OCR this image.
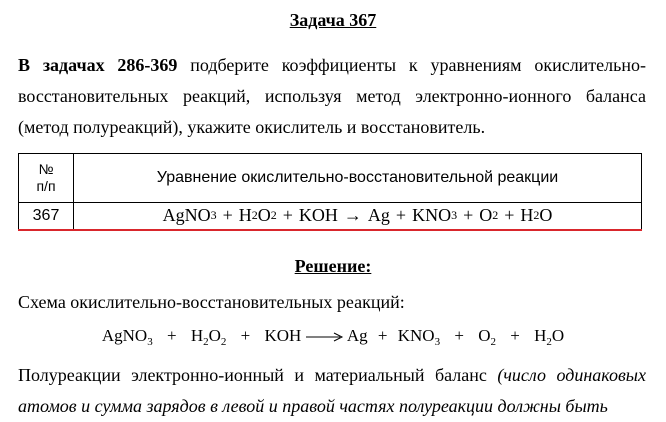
Задача 367
В задачах 286-369 подберите коэффициенты к уравнениям окислительно-восстановительных реакций, используя метод электронно-ионного баланса (метод полуреакций), укажите окислитель и восстановитель.
№
п/п	Уравнение окислительно-восстановительной реакции
367	AgNO 3 + H 2 O 2 + KOH → Ag + KNO 3 + O 2 + H 2 O
Решение:
Схема окислительно-восстановительных реакций:
AgNO$_3$ + $H_2O_2$ + KOH	$Ag + KNO_3 + O_2 + H_2O$
Полуреакции электронно-ионный и материальный баланс (число одинаковых атомов и сумма зарядов в левой и правой частях полуреакции должны быть
